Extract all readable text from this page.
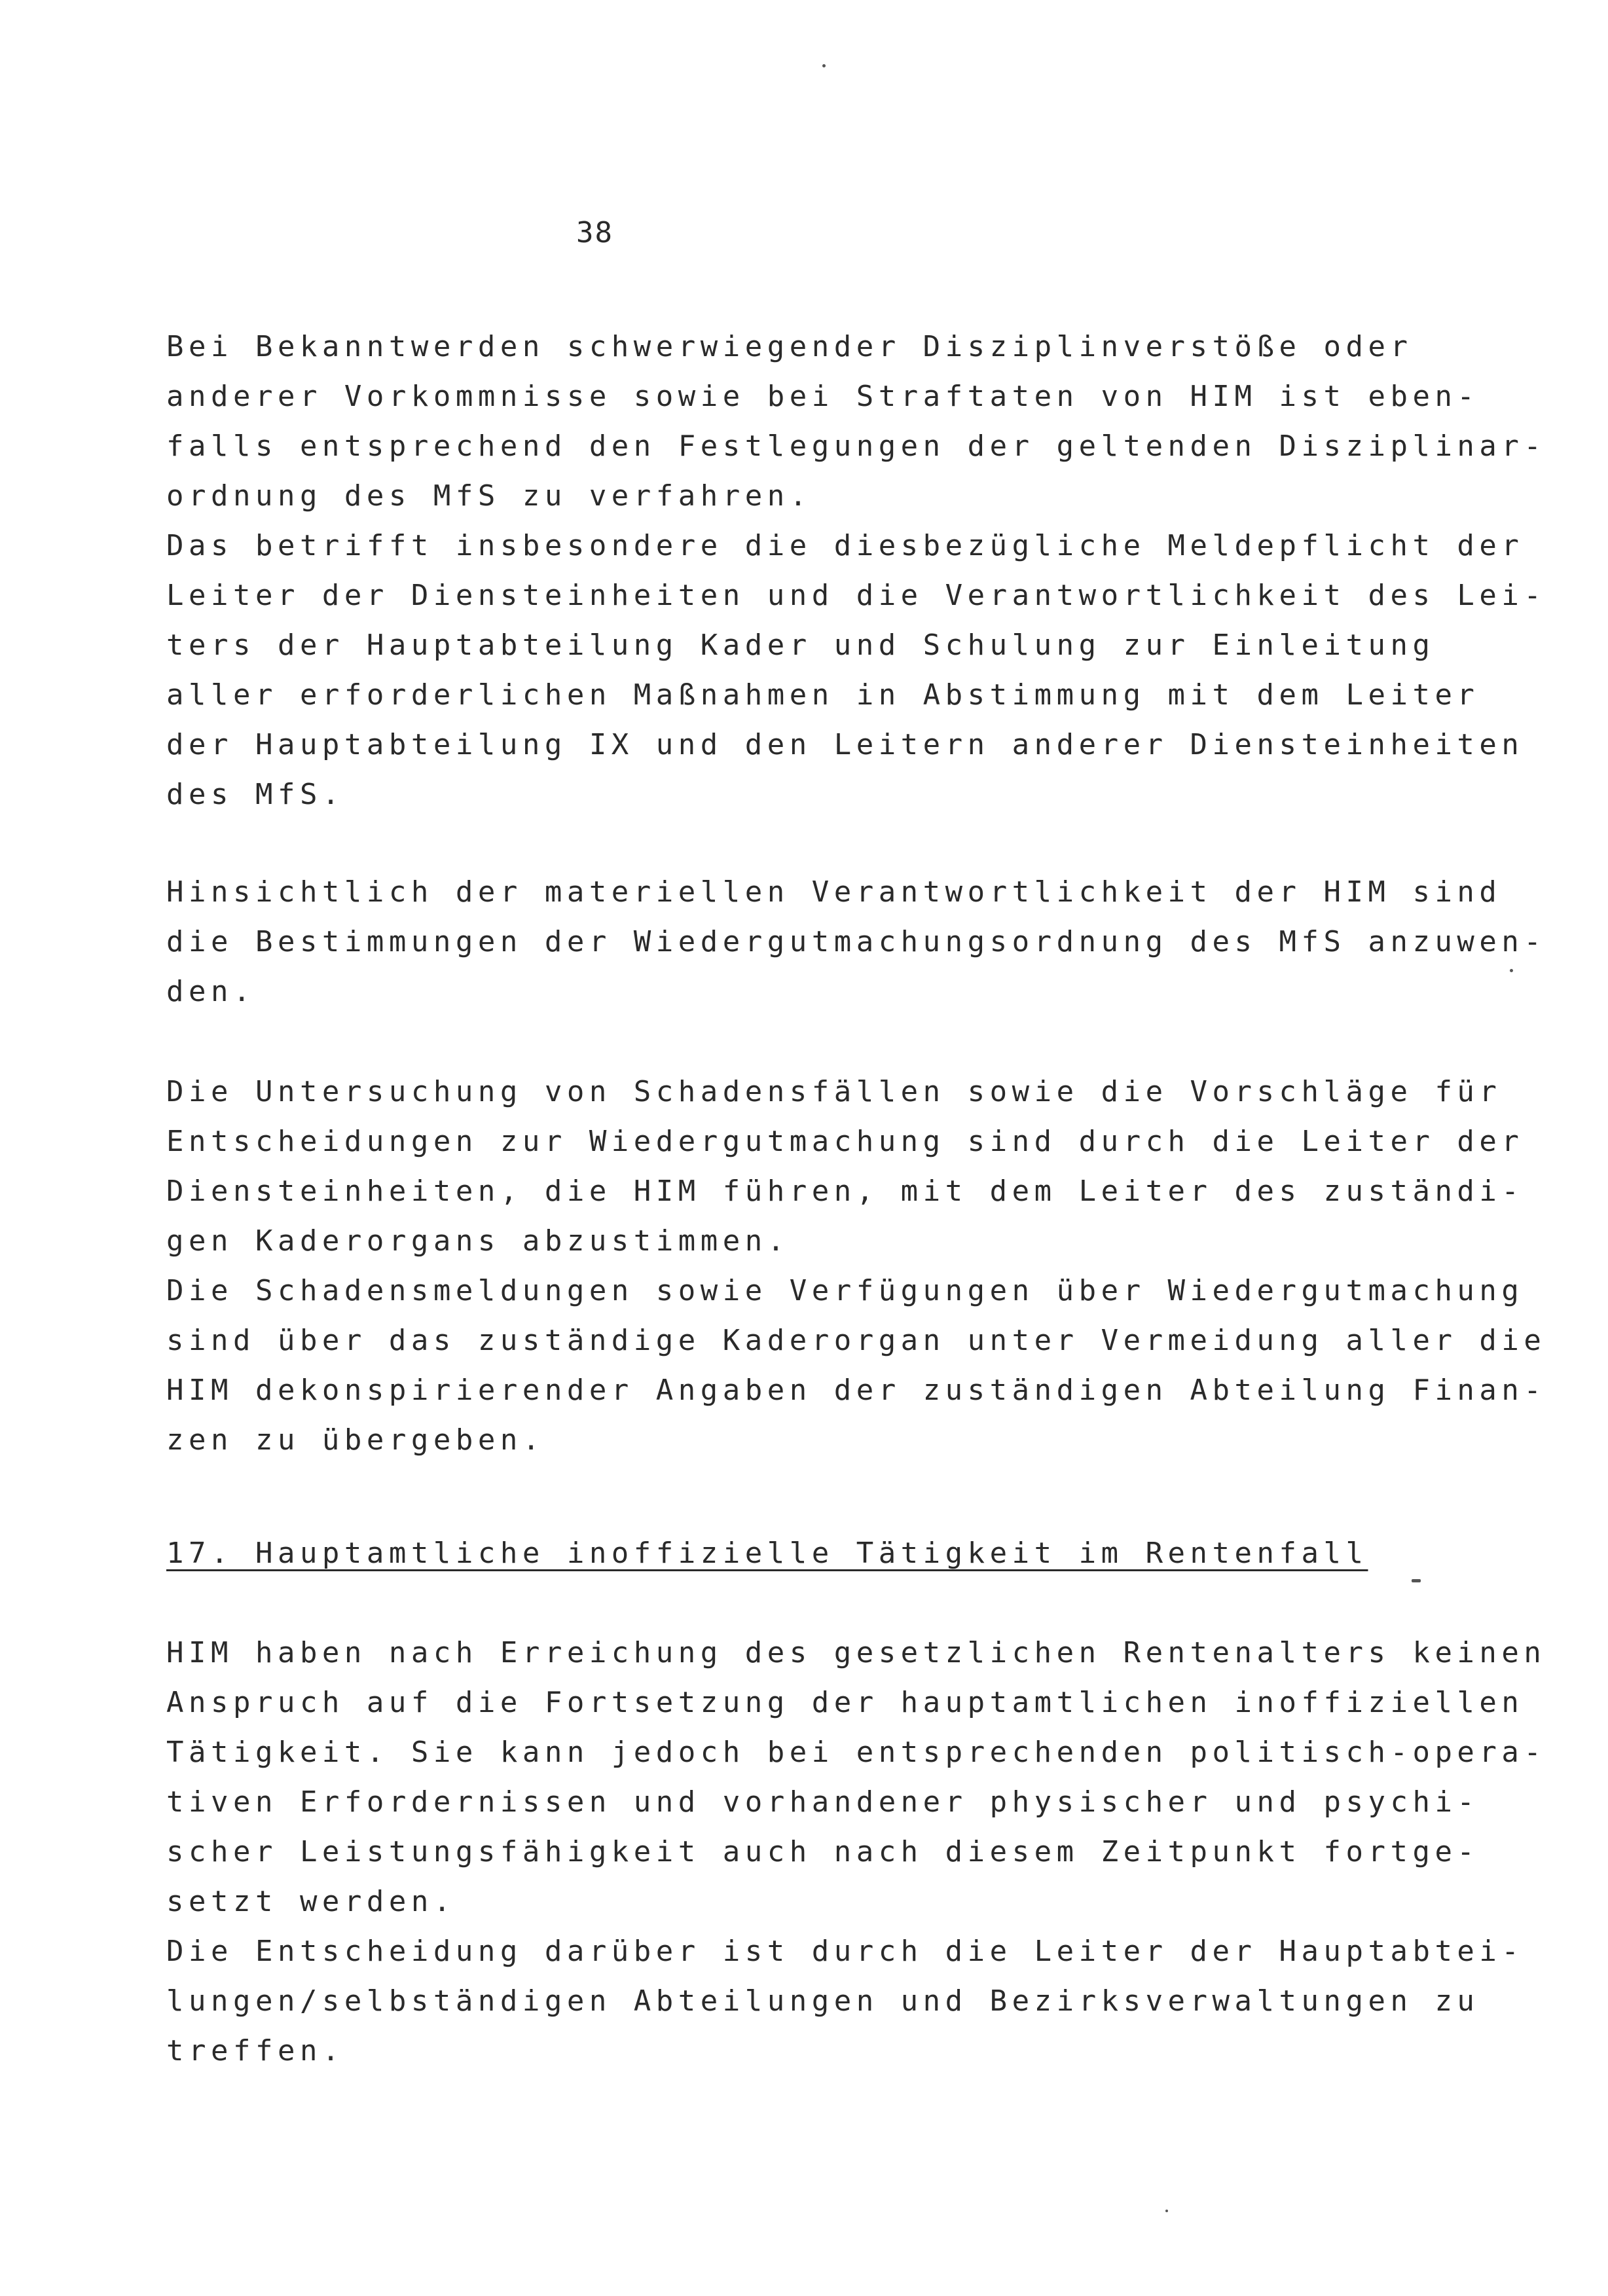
38

Bei Bekanntwerden schwerwiegender Disziplinverstöße oder
anderer Vorkommnisse sowie bei Straftaten von HIM ist eben-
falls entsprechend den Festlegungen der geltenden Disziplinar-
ordnung des MfS zu verfahren.
Das betrifft insbesondere die diesbezügliche Meldepflicht der
Leiter der Diensteinheiten und die Verantwortlichkeit des Lei-
ters der Hauptabteilung Kader und Schulung zur Einleitung
aller erforderlichen Maßnahmen in Abstimmung mit dem Leiter
der Hauptabteilung IX und den Leitern anderer Diensteinheiten
des MfS.

Hinsichtlich der materiellen Verantwortlichkeit der HIM sind
die Bestimmungen der Wiedergutmachungsordnung des MfS anzuwen-
den.

Die Untersuchung von Schadensfällen sowie die Vorschläge für
Entscheidungen zur Wiedergutmachung sind durch die Leiter der
Diensteinheiten, die HIM führen, mit dem Leiter des zuständi-
gen Kaderorgans abzustimmen.
Die Schadensmeldungen sowie Verfügungen über Wiedergutmachung
sind über das zuständige Kaderorgan unter Vermeidung aller die
HIM dekonspirierender Angaben der zuständigen Abteilung Finan-
zen zu übergeben.

17. Hauptamtliche inoffizielle Tätigkeit im Rentenfall

HIM haben nach Erreichung des gesetzlichen Rentenalters keinen
Anspruch auf die Fortsetzung der hauptamtlichen inoffiziellen
Tätigkeit. Sie kann jedoch bei entsprechenden politisch-opera-
tiven Erfordernissen und vorhandener physischer und psychi-
scher Leistungsfähigkeit auch nach diesem Zeitpunkt fortge-
setzt werden.
Die Entscheidung darüber ist durch die Leiter der Hauptabtei-
lungen/selbständigen Abteilungen und Bezirksverwaltungen zu
treffen.
